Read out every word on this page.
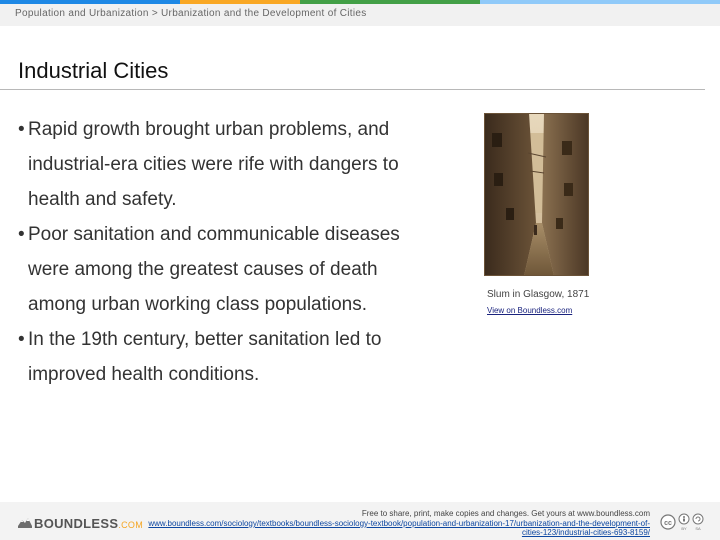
Population and Urbanization > Urbanization and the Development of Cities
Industrial Cities
• Rapid growth brought urban problems, and
industrial-era cities were rife with dangers to
health and safety.
• Poor sanitation and communicable diseases
were among the greatest causes of death
among urban working class populations.
• In the 19th century, better sanitation led to
improved health conditions.
Slum in Glasgow, 1871
View on Boundless.com
BOUNDLESS.COM
Free to share, print, make copies and changes. Get yours at www.boundless.com
www.boundless.com/sociology/textbooks/boundless-sociology-textbook/population-and-urbanization-17/urbanization-and-the-development-of-cities-123/industrial-cities-693-8159/
cc
BY SA
